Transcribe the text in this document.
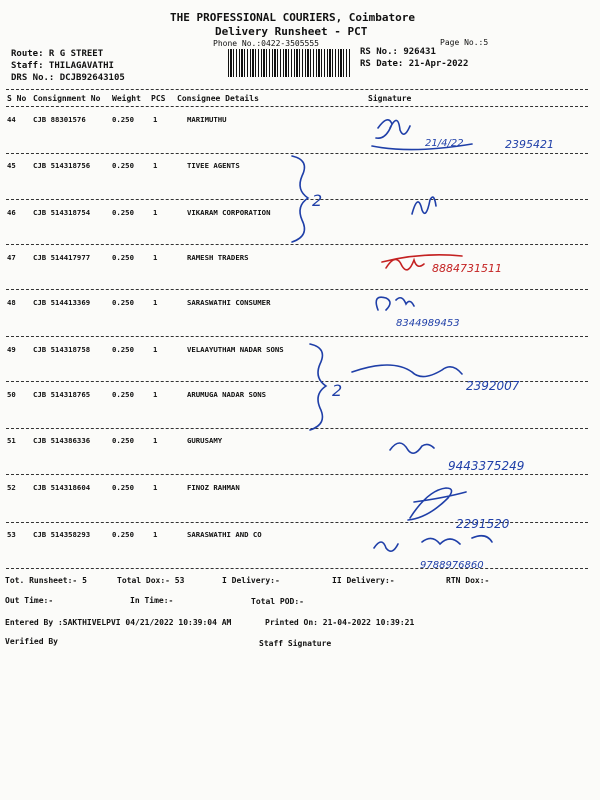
THE PROFESSIONAL COURIERS, Coimbatore
Delivery Runsheet - PCT
Phone No.:0422-3505555	Page No.:5
Route: R G STREET
Staff: THILAGAVATHI
DRS No.: DCJB92643105
RS No.: 926431
RS Date: 21-Apr-2022
S No Consignment No Weight PCS Consignee Details	Signature
44 CJB 88301576	0.250	1	MARIMUTHU
45 CJB 514318756	0.250	1	TIVEE AGENTS
46 CJB 514318754	0.250	1	VIKARAM CORPORATION
47 CJB 514417977	0.250	1	RAMESH TRADERS
48 CJB 514413369	0.250	1	SARASWATHI CONSUMER
49 CJB 514318758	0.250	1	VELAAYUTHAM NADAR SONS
50 CJB 514318765	0.250	1	ARUMUGA NADAR SONS
51 CJB 514386336	0.250	1	GURUSAMY
52 CJB 514318604	0.250	1	FINOZ RAHMAN
53 CJB 514358293	0.250	1	SARASWATHI AND CO
21/4/22	2395421
2
8884731511
8344989453
2	2392007
9443375249
2291520
9788976860
Tot. Runsheet:- 5	Total Dox:- 53	I Delivery:-	II Delivery:-	RTN Dox:-
Out Time:-	In Time:-	Total POD:-
Entered By :SAKTHIVELPVI 04/21/2022 10:39:04 AM	Printed On: 21-04-2022 10:39:21
Verified By	Staff Signature
